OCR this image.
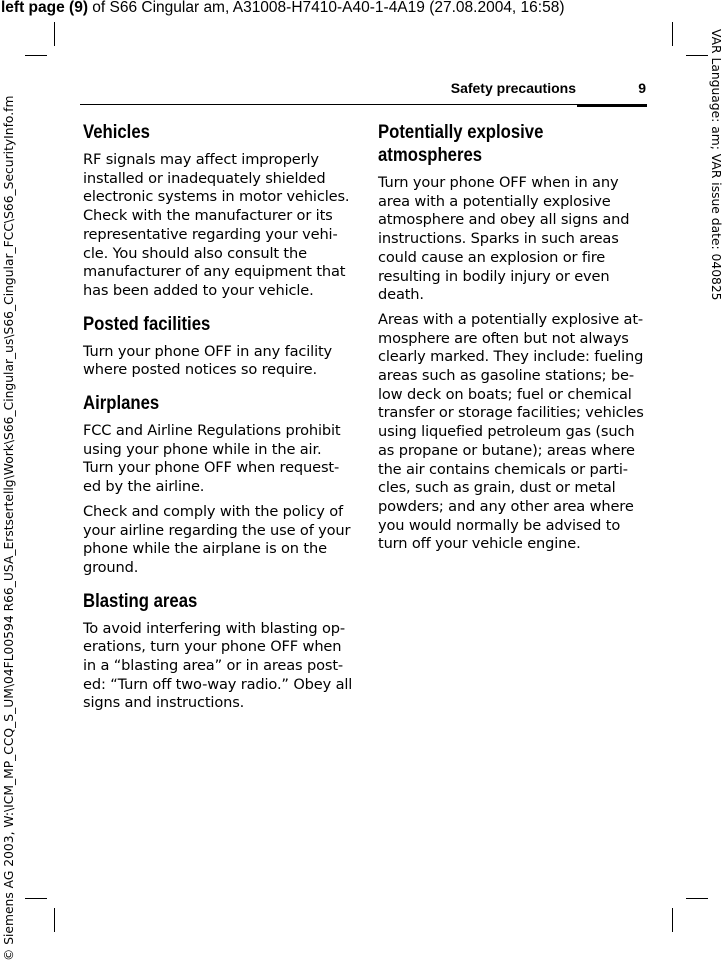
left page (9) of S66 Cingular am, A31008-H7410-A40-1-4A19 (27.08.2004, 16:58)
© Siemens AG 2003, W:\ICM_MP_CCQ_S_UM\04FL00594 R66_USA_Erstsertellg\Work\S66_Cingular_us\S66_Cingular_FCC\S66_SecurityInfo.fm	VAR Language: am; VAR issue date: 040825
Safety precautions	9
Vehicles

RF signals may affect improperly installed or inadequately shielded electronic systems in motor vehicles. Check with the manufacturer or its representative regarding your vehi-cle. You should also consult the manufacturer of any equipment that has been added to your vehicle.

Posted facilities

Turn your phone OFF in any facility where posted notices so require.

Airplanes

FCC and Airline Regulations prohibit using your phone while in the air. Turn your phone OFF when request-ed by the airline.

Check and comply with the policy of your airline regarding the use of your phone while the airplane is on the ground.

Blasting areas

To avoid interfering with blasting op-erations, turn your phone OFF when in a “blasting area” or in areas post-ed: “Turn off two-way radio.” Obey all signs and instructions.

Potentially explosive atmospheres

Turn your phone OFF when in any area with a potentially explosive atmosphere and obey all signs and instructions. Sparks in such areas could cause an explosion or fire resulting in bodily injury or even death.

Areas with a potentially explosive at-mosphere are often but not always clearly marked. They include: fueling areas such as gasoline stations; be-low deck on boats; fuel or chemical transfer or storage facilities; vehicles using liquefied petroleum gas (such as propane or butane); areas where the air contains chemicals or parti-cles, such as grain, dust or metal powders; and any other area where you would normally be advised to turn off your vehicle engine.
